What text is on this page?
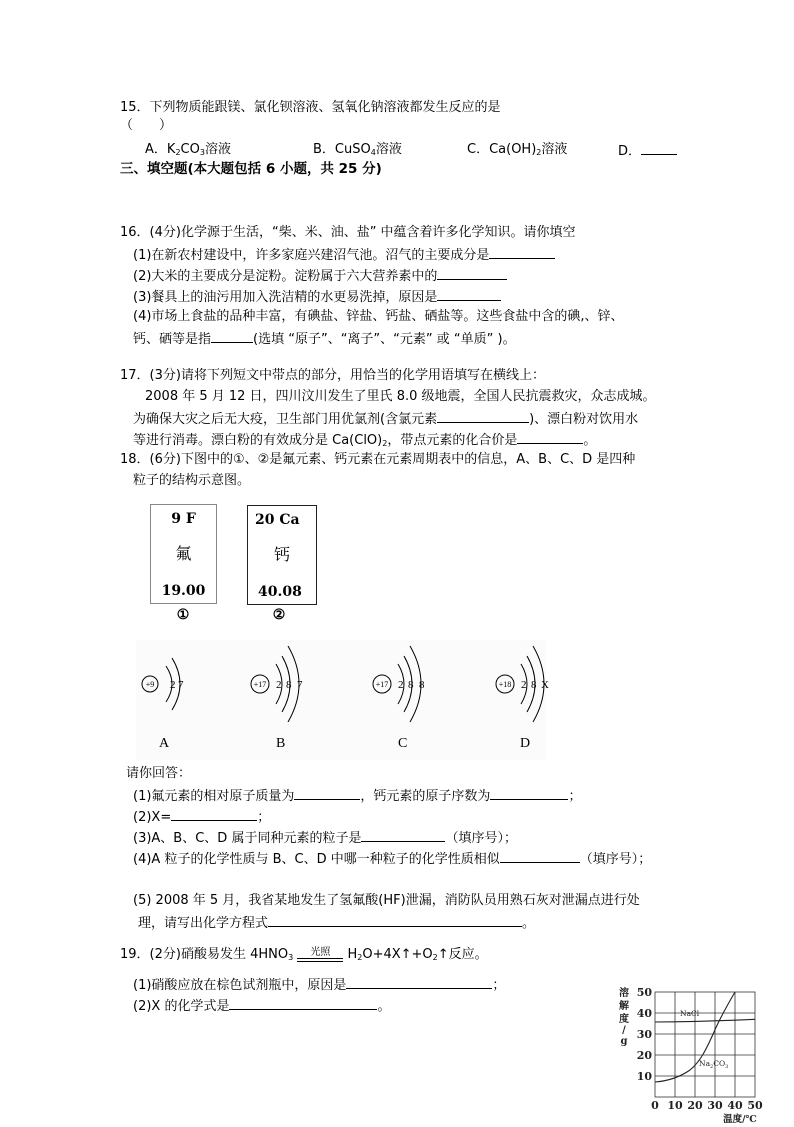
15．下列物质能跟镁、氯化钡溶液、氢氧化钠溶液都发生反应的是
（　　）
A．$K_2CO_3$溶液	B．CuSO$_4$溶液	C．$Ca(OH)_2$溶液	D．
三、填空题(本大题包括 6 小题，共 25 分)
16．(4分)化学源于生活，“柴、米、油、盐” 中蕴含着许多化学知识。请你填空
(1)在新农村建设中，许多家庭兴建沼气池。沼气的主要成分是
(2)大米的主要成分是淀粉。淀粉属于六大营养素中的
(3)餐具上的油污用加入洗洁精的水更易洗掉，原因是
(4)市场上食盐的品种丰富，有碘盐、锌盐、钙盐、硒盐等。这些食盐中含的碘,、锌、
钙、硒等是指	(选填 “原子”、“离子”、“元素” 或 “单质” )。
17．(3分)请将下列短文中带点的部分，用恰当的化学用语填写在横线上：
2008 年 5 月 12 日，四川汶川发生了里氏 8.0 级地震，全国人民抗震救灾，众志成城。
为确保大灾之后无大疫，卫生部门用优氯剂(含氯元素	)、漂白粉对饮用水
等进行消毒。漂白粉的有效成分是 $Ca(ClO)_2$，带点元素的化合价是	。
18．(6分)下图中的①、②是氟元素、钙元素在元素周期表中的信息，A、B、C、D 是四种
粒子的结构示意图。
9 F
氟
19.00
①
20 Ca
钙
40.08
②
+9 2 7	+17 2 8 7	+17 2 8 8	+18 2 8 X
A	B	C	D
请你回答：
(1)氟元素的相对原子质量为	，钙元素的原子序数为	；
(2)X=	；
(3)A、B、C、D 属于同种元素的粒子是	（填序号）；
(4)A 粒子的化学性质与 B、C、D 中哪一种粒子的化学性质相似	（填序号）；
(5) 2008 年 5 月，我省某地发生了氢氟酸(HF)泄漏，消防队员用熟石灰对泄漏点进行处
理，请写出化学方程式	。
19．(2分)硝酸易发生 $4HNO_3$	光照	$H_2O+4X↑+O_2↑$反应。
(1)硝酸应放在棕色试剂瓶中，原因是	；
(2)X 的化学式是	。
溶
解
度
/
g
50
40
30
20
10
0 10 20 30 40 50
温度/℃
NaCl
$Na_2CO_3$
